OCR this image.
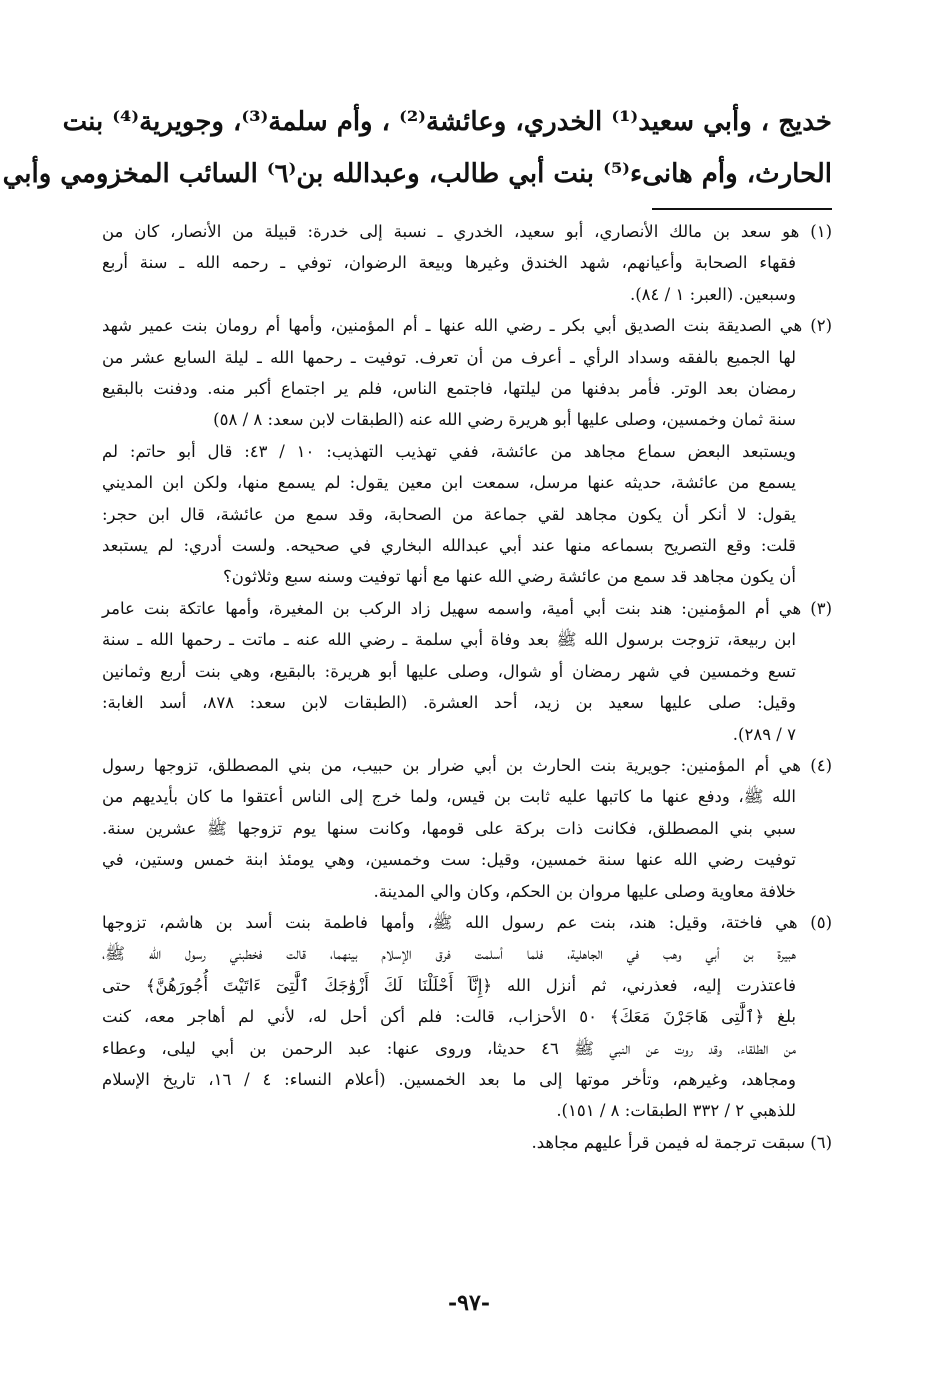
خديج ، وأبي سعيد⁽¹⁾ الخدري، وعائشة⁽²⁾ ، وأم سلمة⁽³⁾، وجويرية⁽⁴⁾ بنت
الحارث، وأم هانىء⁽⁵⁾ بنت أبي طالب، وعبدالله بن⁽٦⁾ السائب المخزومي وأبي
(١) هو سعد بن مالك الأنصاري، أبو سعيد، الخدري ـ نسبة إلى خدرة: قبيلة من الأنصار، كان من
فقهاء الصحابة وأعيانهم، شهد الخندق وغيرها وبيعة الرضوان، توفي ـ رحمه الله ـ سنة أربع
وسبعين. (العبر: ١ / ٨٤).
(٢) هي الصديقة بنت الصديق أبي بكر ـ رضي الله عنها ـ أم المؤمنين، وأمها أم رومان بنت عمير شهد
لها الجميع بالفقه وسداد الرأي ـ أعرف من أن تعرف. توفيت ـ رحمها الله ـ ليلة السابع عشر من
رمضان بعد الوتر. فأمر بدفنها من ليلتها، فاجتمع الناس، فلم ير اجتماع أكبر منه. ودفنت بالبقيع
سنة ثمان وخمسين، وصلى عليها أبو هريرة رضي الله عنه (الطبقات لابن سعد: ٨ / ٥٨)
ويستبعد البعض سماع مجاهد من عائشة، ففي تهذيب التهذيب: ١٠ / ٤٣: قال أبو حاتم: لم
يسمع من عائشة، حديثه عنها مرسل، سمعت ابن معين يقول: لم يسمع منها، ولكن ابن المديني
يقول: لا أنكر أن يكون مجاهد لقي جماعة من الصحابة، وقد سمع من عائشة، قال ابن حجر:
قلت: وقع التصريح بسماعه منها عند أبي عبدالله البخاري في صحيحه. ولست أدري: لم يستبعد
أن يكون مجاهد قد سمع من عائشة رضي الله عنها مع أنها توفيت وسنه سبع وثلاثون؟
(٣) هي أم المؤمنين: هند بنت أبي أمية، واسمه سهيل زاد الركب بن المغيرة، وأمها عاتكة بنت عامر
ابن ربيعة، تزوجت برسول الله ﷺ بعد وفاة أبي سلمة ـ رضي الله عنه ـ ماتت ـ رحمها الله ـ سنة
تسع وخمسين في شهر رمضان أو شوال، وصلى عليها أبو هريرة: بالبقيع، وهي بنت أربع وثمانين
وقيل: صلى عليها سعيد بن زيد، أحد العشرة. (الطبقات لابن سعد: ٨٧٨، أسد الغابة:
٧ / ٢٨٩).
(٤) هي أم المؤمنين: جويرية بنت الحارث بن أبي ضرار بن حبيب، من بني المصطلق، تزوجها رسول
الله ﷺ، ودفع عنها ما كاتبها عليه ثابت بن قيس، ولما خرج إلى الناس أعتقوا ما كان بأيديهم من
سبي بني المصطلق، فكانت ذات بركة على قومها، وكانت سنها يوم تزوجها ﷺ عشرين سنة.
توفيت رضي الله عنها سنة خمسين، وقيل: ست وخمسين، وهي يومئذ ابنة خمس وستين، في
خلافة معاوية وصلى عليها مروان بن الحكم، وكان والي المدينة.
(٥) هي فاختة، وقيل: هند، بنت عم رسول الله ﷺ، وأمها فاطمة بنت أسد بن هاشم، تزوجها
هبيرة بن أبي وهب في الجاهلية، فلما أسلمت فرق الإسلام بينهما، قالت فخطبني رسول الله ﷺ،
فاعتذرت إليه، فعذرني، ثم أنزل الله ﴿إِنَّآ أَحْلَلْنَا لَكَ أَزْوَٰجَكَ ٱلَّٰتِىٓ ءَاتَيْتَ أُجُورَهُنَّ﴾ حتى
بلغ ﴿ٱلَّٰتِى هَاجَرْنَ مَعَكَ﴾ ٥٠ الأحزاب، قالت: فلم أكن أحل له، لأني لم أهاجر معه، كنت
من الطلقاء، وقد روت عن النبي ﷺ ٤٦ حديثا، وروى عنها: عبد الرحمن بن أبي ليلى، وعطاء
ومجاهد، وغيرهم، وتأخر موتها إلى ما بعد الخمسين. (أعلام النساء: ٤ / ١٦، تاريخ الإسلام
للذهبي ٢ / ٣٣٢ الطبقات: ٨ / ١٥١).
(٦) سبقت ترجمة له فيمن قرأ عليهم مجاهد.
-٩٧-
